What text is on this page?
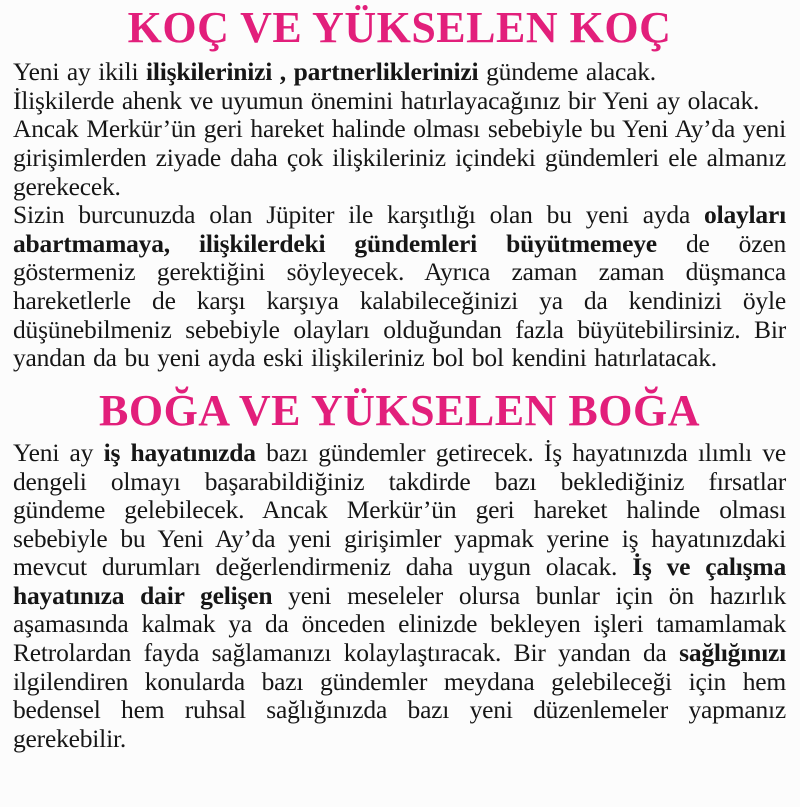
KOÇ VE YÜKSELEN KOÇ
Yeni ay ikili ilişkilerinizi , partnerliklerinizi gündeme alacak.
İlişkilerde ahenk ve uyumun önemini hatırlayacağınız bir Yeni ay olacak.
Ancak Merkür’ün geri hareket halinde olması sebebiyle bu Yeni Ay’da yeni girişimlerden ziyade daha çok ilişkileriniz içindeki gündemleri ele almanız gerekecek.
Sizin burcunuzda olan Jüpiter ile karşıtlığı olan bu yeni ayda olayları abartmamaya, ilişkilerdeki gündemleri büyütmemeye de özen göstermeniz gerektiğini söyleyecek. Ayrıca zaman zaman düşmanca hareketlerle de karşı karşıya kalabileceğinizi ya da kendinizi öyle düşünebilmeniz sebebiyle olayları olduğundan fazla büyütebilirsiniz. Bir yandan da bu yeni ayda eski ilişkileriniz bol bol kendini hatırlatacak.
BOĞA VE YÜKSELEN BOĞA
Yeni ay iş hayatınızda bazı gündemler getirecek. İş hayatınızda ılımlı ve dengeli olmayı başarabildiğiniz takdirde bazı beklediğiniz fırsatlar gündeme gelebilecek. Ancak Merkür’ün geri hareket halinde olması sebebiyle bu Yeni Ay’da yeni girişimler yapmak yerine iş hayatınızdaki mevcut durumları değerlendirmeniz daha uygun olacak. İş ve çalışma hayatınıza dair gelişen yeni meseleler olursa bunlar için ön hazırlık aşamasında kalmak ya da önceden elinizde bekleyen işleri tamamlamak Retrolardan fayda sağlamanızı kolaylaştıracak. Bir yandan da sağlığınızı ilgilendiren konularda bazı gündemler meydana gelebileceği için hem bedensel hem ruhsal sağlığınızda bazı yeni düzenlemeler yapmanız gerekebilir.
